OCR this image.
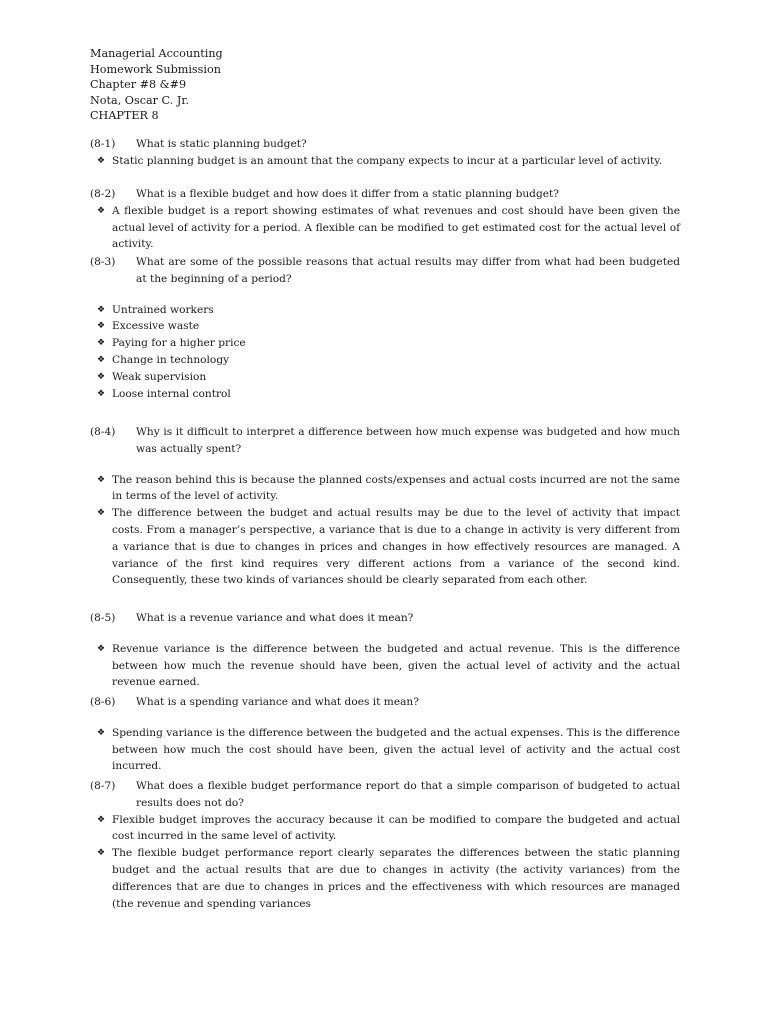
Managerial Accounting
Homework Submission
Chapter #8 &#9
Nota, Oscar C. Jr.
CHAPTER 8
(8-1)	What is static planning budget?
❖ Static planning budget is an amount that the company expects to incur at a particular level of activity.
(8-2)	What is a flexible budget and how does it differ from a static planning budget?
❖ A flexible budget is a report showing estimates of what revenues and cost should have been given the actual level of activity for a period. A flexible can be modified to get estimated cost for the actual level of activity.
(8-3)	What are some of the possible reasons that actual results may differ from what had been budgeted at the beginning of a period?
❖ Untrained workers
❖ Excessive waste
❖ Paying for a higher price
❖ Change in technology
❖ Weak supervision
❖ Loose internal control
(8-4)	Why is it difficult to interpret a difference between how much expense was budgeted and how much was actually spent?
❖ The reason behind this is because the planned costs/expenses and actual costs incurred are not the same in terms of the level of activity.
❖ The difference between the budget and actual results may be due to the level of activity that impact costs. From a manager’s perspective, a variance that is due to a change in activity is very different from a variance that is due to changes in prices and changes in how effectively resources are managed. A variance of the first kind requires very different actions from a variance of the second kind. Consequently, these two kinds of variances should be clearly separated from each other.
(8-5)	What is a revenue variance and what does it mean?
❖ Revenue variance is the difference between the budgeted and actual revenue. This is the difference between how much the revenue should have been, given the actual level of activity and the actual revenue earned.
(8-6)	What is a spending variance and what does it mean?
❖ Spending variance is the difference between the budgeted and the actual expenses. This is the difference between how much the cost should have been, given the actual level of activity and the actual cost incurred.
(8-7)	What does a flexible budget performance report do that a simple comparison of budgeted to actual results does not do?
❖ Flexible budget improves the accuracy because it can be modified to compare the budgeted and actual cost incurred in the same level of activity.
❖ The flexible budget performance report clearly separates the differences between the static planning budget and the actual results that are due to changes in activity (the activity variances) from the differences that are due to changes in prices and the effectiveness with which resources are managed (the revenue and spending variances
